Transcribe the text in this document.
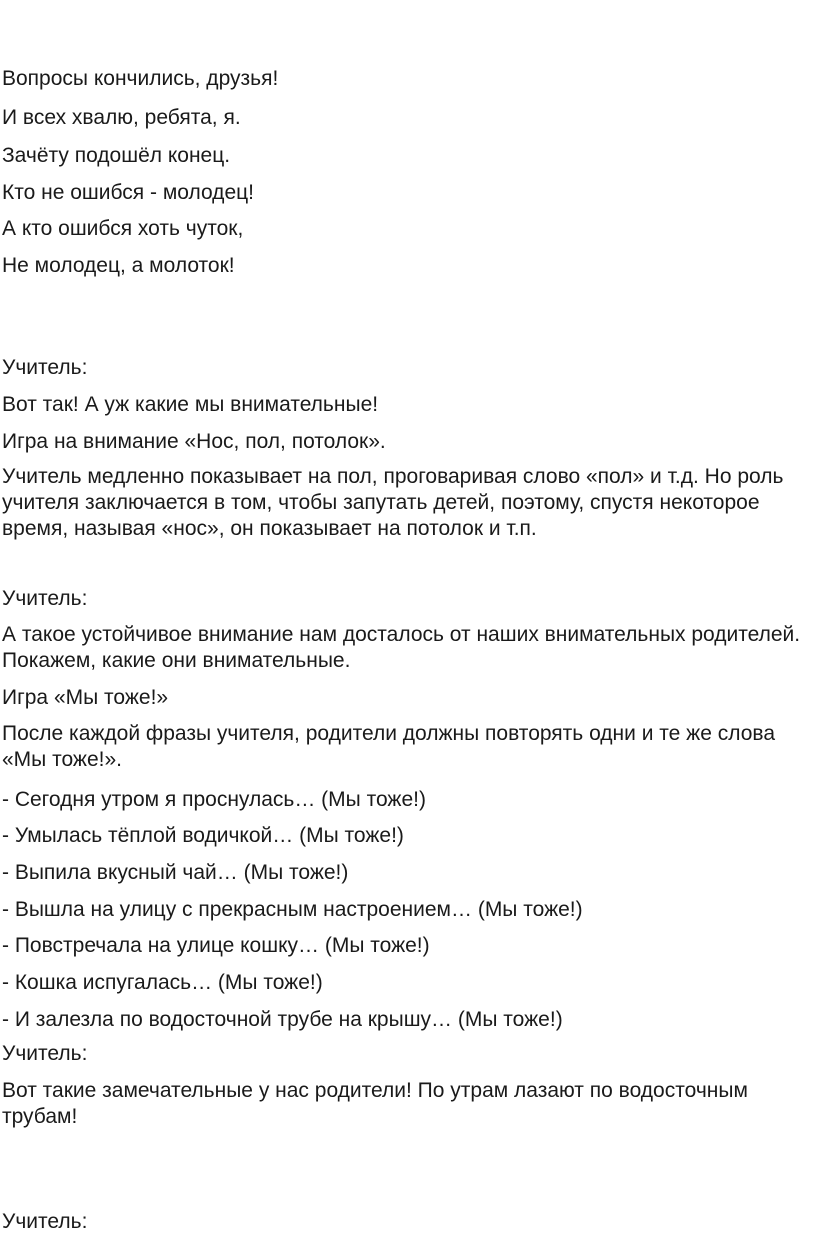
Вопросы кончились, друзья!

И всех хвалю, ребята, я.

Зачёту подошёл конец.

Кто не ошибся - молодец!

А кто ошибся хоть чуток,

Не молодец, а молоток!

Учитель:

Вот так! А уж какие мы внимательные!

Игра на внимание «Нос, пол, потолок».

Учитель медленно показывает на пол, проговаривая слово «пол» и т.д. Но роль учителя заключается в том, чтобы запутать детей, поэтому, спустя некоторое время, называя «нос», он показывает на потолок и т.п.

Учитель:

А такое устойчивое внимание нам досталось от наших внимательных родителей. Покажем, какие они внимательные.

Игра «Мы тоже!»

После каждой фразы учителя, родители должны повторять одни и те же слова «Мы тоже!».

- Сегодня утром я проснулась… (Мы тоже!)

- Умылась тёплой водичкой… (Мы тоже!)

- Выпила вкусный чай… (Мы тоже!)

- Вышла на улицу с прекрасным настроением… (Мы тоже!)

- Повстречала на улице кошку… (Мы тоже!)

- Кошка испугалась… (Мы тоже!)

- И залезла по водосточной трубе на крышу… (Мы тоже!)

Учитель:

Вот такие замечательные у нас родители! По утрам лазают по водосточным трубам!

Учитель:
